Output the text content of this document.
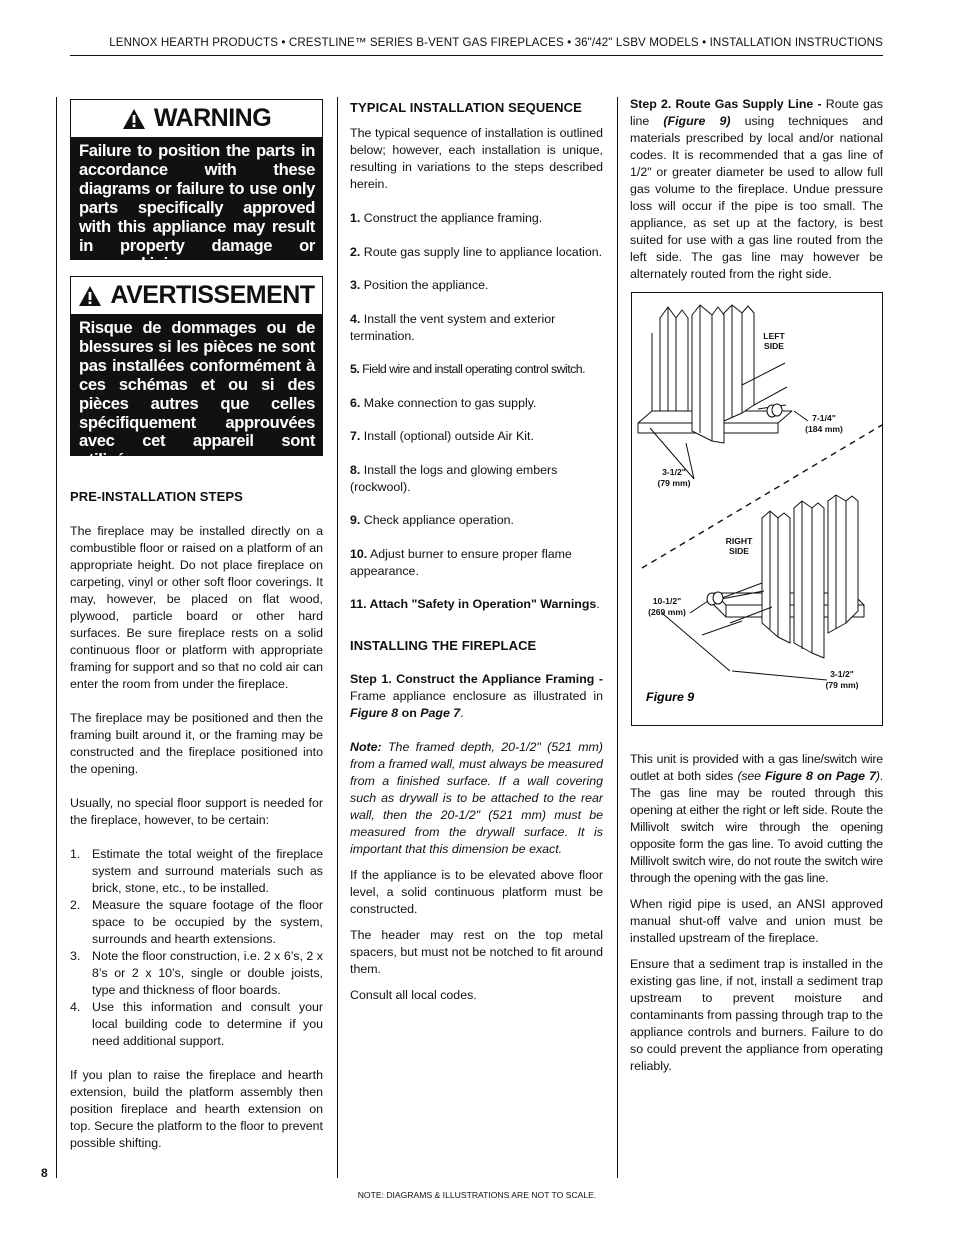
LENNOX HEARTH PRODUCTS • CRESTLINE™ SERIES B-VENT GAS FIREPLACES • 36"/42" LSBV MODELS • INSTALLATION INSTRUCTIONS
WARNING
Failure to position the parts in accordance with these diagrams or failure to use only parts specifically approved with this appliance may result in property damage or personal injury.
AVERTISSEMENT
Risque de dommages ou de blessures si les pièces ne sont pas installées conformément à ces schémas et ou si des pièces autres que celles spécifiquement approuvées avec cet appareil sont utilisées.
PRE-INSTALLATION STEPS

The fireplace may be installed directly on a combustible floor or raised on a platform of an appropriate height. Do not place fireplace on carpeting, vinyl or other soft floor coverings. It may, however, be placed on flat wood, plywood, particle board or other hard surfaces. Be sure fireplace rests on a solid continuous floor or platform with appropriate framing for support and so that no cold air can enter the room from under the fireplace.

The fireplace may be positioned and then the framing built around it, or the framing may be constructed and the fireplace positioned into the opening.

Usually, no special floor support is needed for the fireplace, however, to be certain:

1. Estimate the total weight of the fireplace system and surround materials such as brick, stone, etc., to be installed.
2. Measure the square footage of the floor space to be occupied by the system, surrounds and hearth extensions.
3. Note the floor construction, i.e. 2 x 6’s, 2 x 8’s or 2 x 10’s, single or double joists, type and thickness of floor boards.
4. Use this information and consult your local building code to determine if you need additional support.

If you plan to raise the fireplace and hearth extension, build the platform assembly then position fireplace and hearth extension on top. Secure the platform to the floor to prevent possible shifting.

TYPICAL INSTALLATION SEQUENCE

The typical sequence of installation is outlined below; however, each installation is unique, resulting in variations to the steps described herein.

1. Construct the appliance framing.
2. Route gas supply line to appliance location.
3. Position the appliance.
4. Install the vent system and exterior termination.
5. Field wire and install operating control switch.
6. Make connection to gas supply.
7. Install (optional) outside Air Kit.
8. Install the logs and glowing embers (rockwool).
9. Check appliance operation.
10. Adjust burner to ensure proper flame appearance.
11. Attach "Safety in Operation" Warnings.
INSTALLING THE FIREPLACE

Step 1. Construct the Appliance Framing - Frame appliance enclosure as illustrated in Figure 8 on Page 7.

Note: The framed depth, 20-1/2" (521 mm) from a framed wall, must always be measured from a finished surface. If a wall covering such as drywall is to be attached to the rear wall, then the 20-1/2" (521 mm) must be measured from the drywall surface. It is important that this dimension be exact.

If the appliance is to be elevated above floor level, a solid continuous platform must be constructed.

The header may rest on the top metal spacers, but must not be notched to fit around them.

Consult all local codes.

Step 2. Route Gas Supply Line - Route gas line (Figure 9) using techniques and materials prescribed by local and/or national codes. It is recommended that a gas line of 1/2" or greater diameter be used to allow full gas volume to the fireplace. Undue pressure loss will occur if the pipe is too small. The appliance, as set up at the factory, is best suited for use with a gas line routed from the left side. The gas line may however be alternately routed from the right side.

LEFT
SIDE
7-1/4"
(184 mm)
3-1/2"
(79 mm)
RIGHT
SIDE
10-1/2"
(269 mm)
3-1/2"
(79 mm)
Figure 9

This unit is provided with a gas line/switch wire outlet at both sides (see Figure 8 on Page 7). The gas line may be routed through this opening at either the right or left side. Route the Millivolt switch wire through the opening opposite form the gas line. To avoid cutting the Millivolt switch wire, do not route the switch wire through the opening with the gas line.

When rigid pipe is used, an ANSI approved manual shut-off valve and union must be installed upstream of the fireplace.

Ensure that a sediment trap is installed in the existing gas line, if not, install a sediment trap upstream to prevent moisture and contaminants from passing through trap to the appliance controls and burners. Failure to do so could prevent the appliance from operating reliably.

8
NOTE: DIAGRAMS & ILLUSTRATIONS ARE NOT TO SCALE.
